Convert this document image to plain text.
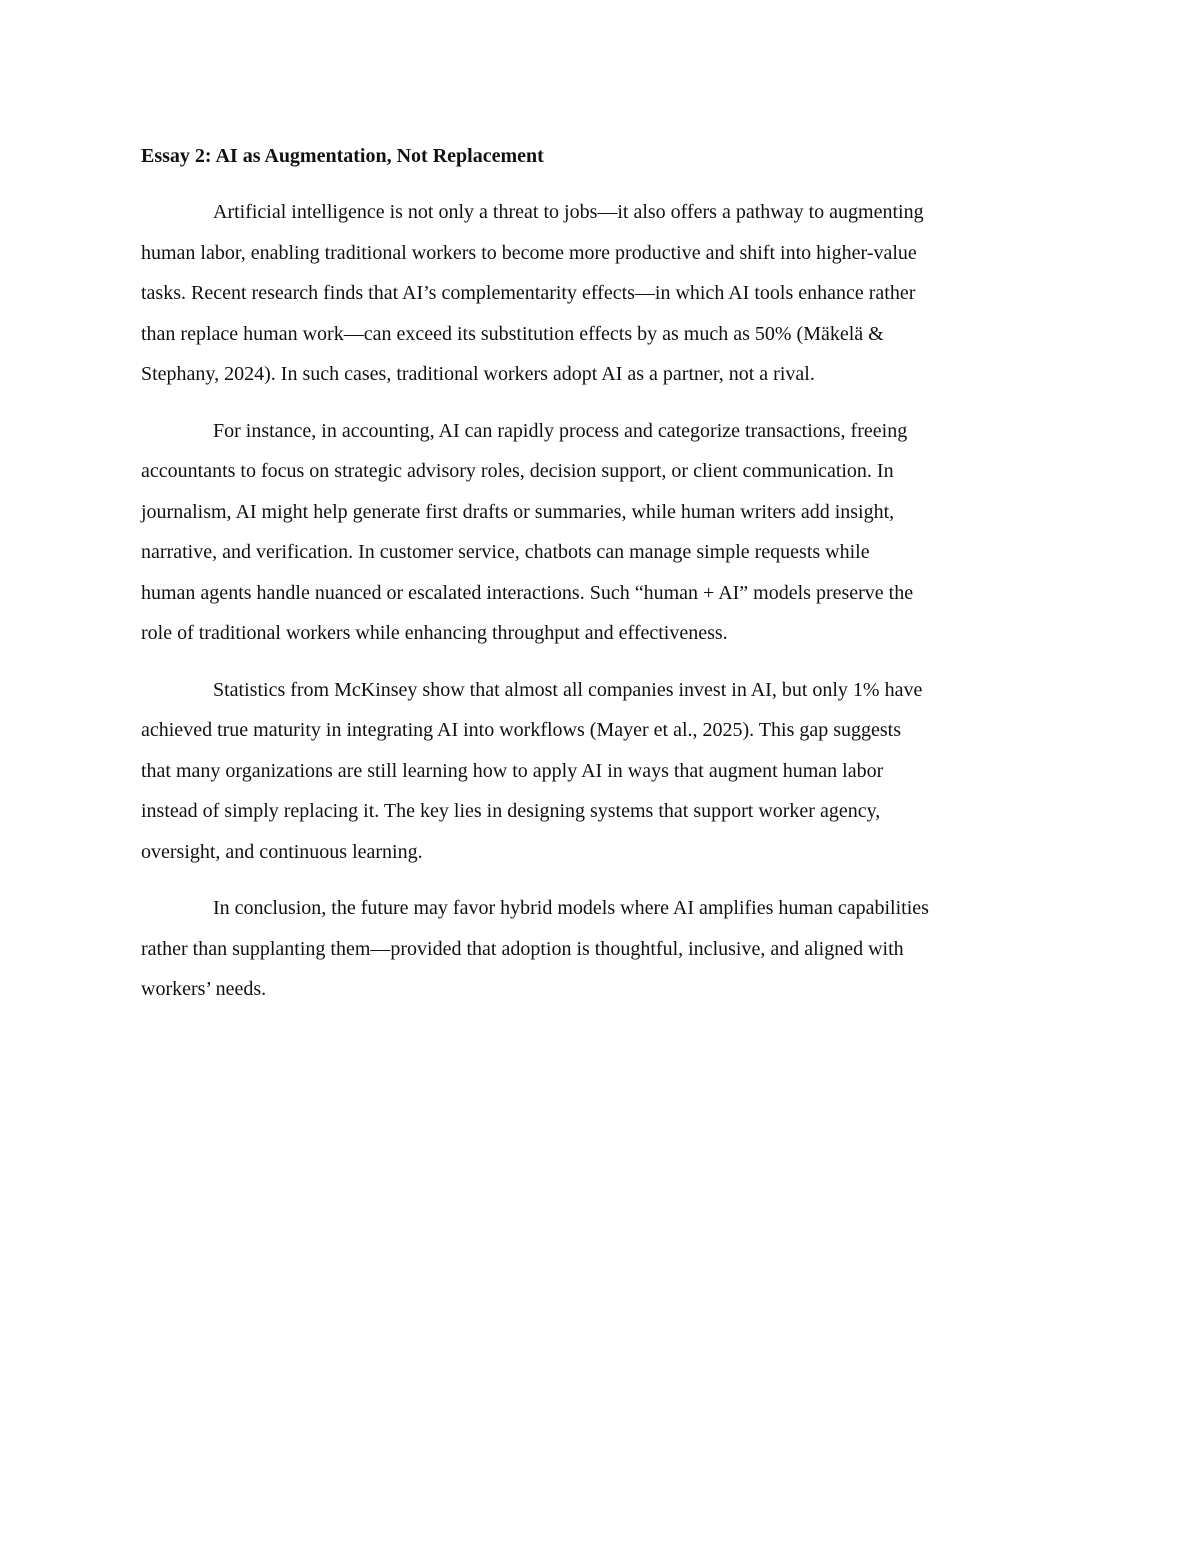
Essay 2: AI as Augmentation, Not Replacement

Artificial intelligence is not only a threat to jobs—it also offers a pathway to augmenting
human labor, enabling traditional workers to become more productive and shift into higher-value
tasks. Recent research finds that AI’s complementarity effects—in which AI tools enhance rather
than replace human work—can exceed its substitution effects by as much as 50% (Mäkelä &
Stephany, 2024). In such cases, traditional workers adopt AI as a partner, not a rival.

For instance, in accounting, AI can rapidly process and categorize transactions, freeing
accountants to focus on strategic advisory roles, decision support, or client communication. In
journalism, AI might help generate first drafts or summaries, while human writers add insight,
narrative, and verification. In customer service, chatbots can manage simple requests while
human agents handle nuanced or escalated interactions. Such “human + AI” models preserve the
role of traditional workers while enhancing throughput and effectiveness.

Statistics from McKinsey show that almost all companies invest in AI, but only 1% have
achieved true maturity in integrating AI into workflows (Mayer et al., 2025). This gap suggests
that many organizations are still learning how to apply AI in ways that augment human labor
instead of simply replacing it. The key lies in designing systems that support worker agency,
oversight, and continuous learning.

In conclusion, the future may favor hybrid models where AI amplifies human capabilities
rather than supplanting them—provided that adoption is thoughtful, inclusive, and aligned with
workers’ needs.
